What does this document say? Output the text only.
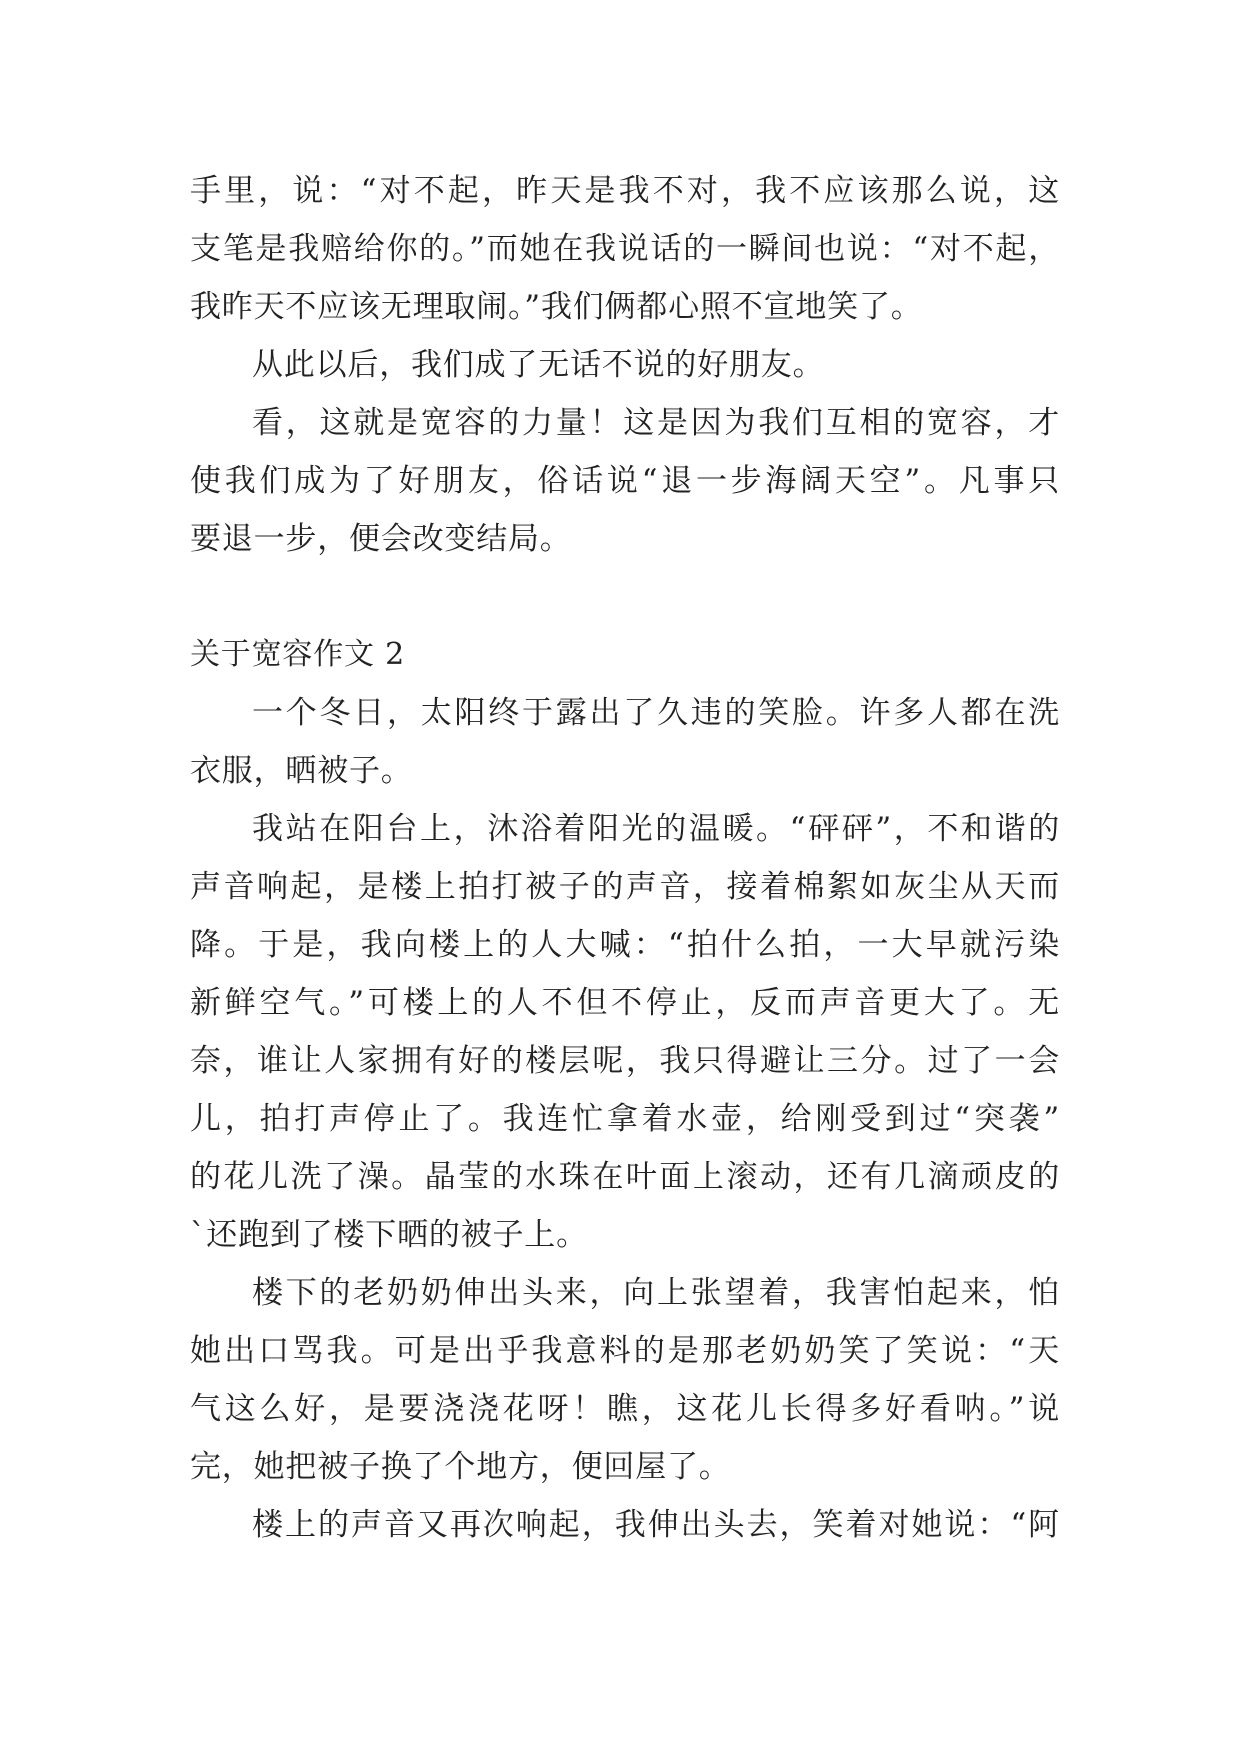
手里，说：“对不起，昨天是我不对，我不应该那么说，这
支笔是我赔给你的。”而她在我说话的一瞬间也说：“对不起，
我昨天不应该无理取闹。”我们俩都心照不宣地笑了。
从此以后，我们成了无话不说的好朋友。
看，这就是宽容的力量！这是因为我们互相的宽容，才
使我们成为了好朋友，俗话说“退一步海阔天空”。凡事只
要退一步，便会改变结局。
关于宽容作文 2
一个冬日，太阳终于露出了久违的笑脸。许多人都在洗
衣服，晒被子。
我站在阳台上，沐浴着阳光的温暖。“砰砰”，不和谐的
声音响起，是楼上拍打被子的声音，接着棉絮如灰尘从天而
降。于是，我向楼上的人大喊：“拍什么拍，一大早就污染
新鲜空气。”可楼上的人不但不停止，反而声音更大了。无
奈，谁让人家拥有好的楼层呢，我只得避让三分。过了一会
儿，拍打声停止了。我连忙拿着水壶，给刚受到过“突袭”
的花儿洗了澡。晶莹的水珠在叶面上滚动，还有几滴顽皮的
`还跑到了楼下晒的被子上。
楼下的老奶奶伸出头来，向上张望着，我害怕起来，怕
她出口骂我。可是出乎我意料的是那老奶奶笑了笑说：“天
气这么好，是要浇浇花呀！瞧，这花儿长得多好看呐。”说
完，她把被子换了个地方，便回屋了。
楼上的声音又再次响起，我伸出头去，笑着对她说：“阿
